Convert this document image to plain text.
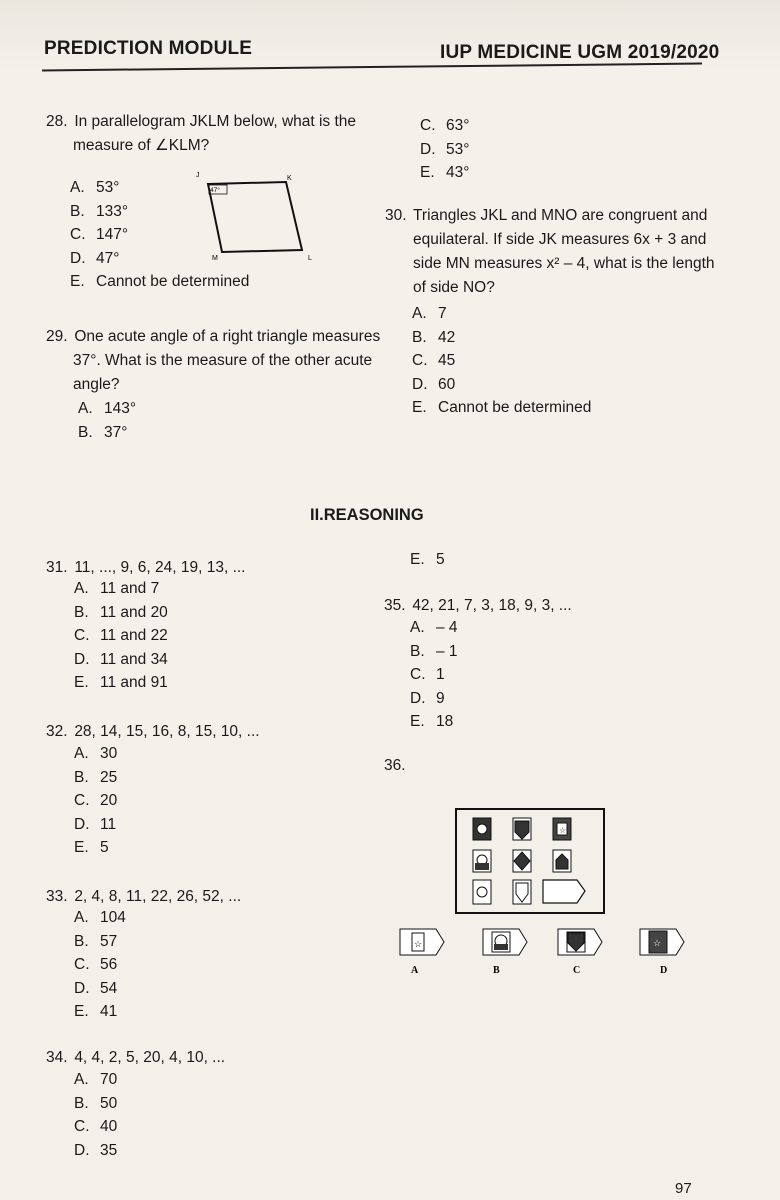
PREDICTION MODULE	IUP MEDICINE UGM 2019/2020
28. In parallelogram JKLM below, what is the
measure of ∠KLM?
A. 53°
B. 133°
C. 147°
D. 47°
E. Cannot be determined
J	K
L
M
47°
C. 63°
D. 53°
E. 43°
29. One acute angle of a right triangle measures
37°. What is the measure of the other acute
angle?
A. 143°
B. 37°
30. Triangles JKL and MNO are congruent and
equilateral. If side JK measures 6x + 3 and
side MN measures x² – 4, what is the length
of side NO?
A. 7
B. 42
C. 45
D. 60
E. Cannot be determined
II.REASONING
31. 11, ..., 9, 6, 24, 19, 13, ...
A. 11 and 7
B. 11 and 20
C. 11 and 22
D. 11 and 34
E. 11 and 91
32. 28, 14, 15, 16, 8, 15, 10, ...
A. 30
B. 25
C. 20
D. 11
E. 5
33. 2, 4, 8, 11, 22, 26, 52, ...
A. 104
B. 57
C. 56
D. 54
E. 41
34. 4, 4, 2, 5, 20, 4, 10, ...
A. 70
B. 50
C. 40
D. 35
E. 5
35. 42, 21, 7, 3, 18, 9, 3, ...
A. – 4
B. – 1
C. 1
D. 9
E. 18
36.
☆
☆	☆
A	B	C	D
97
